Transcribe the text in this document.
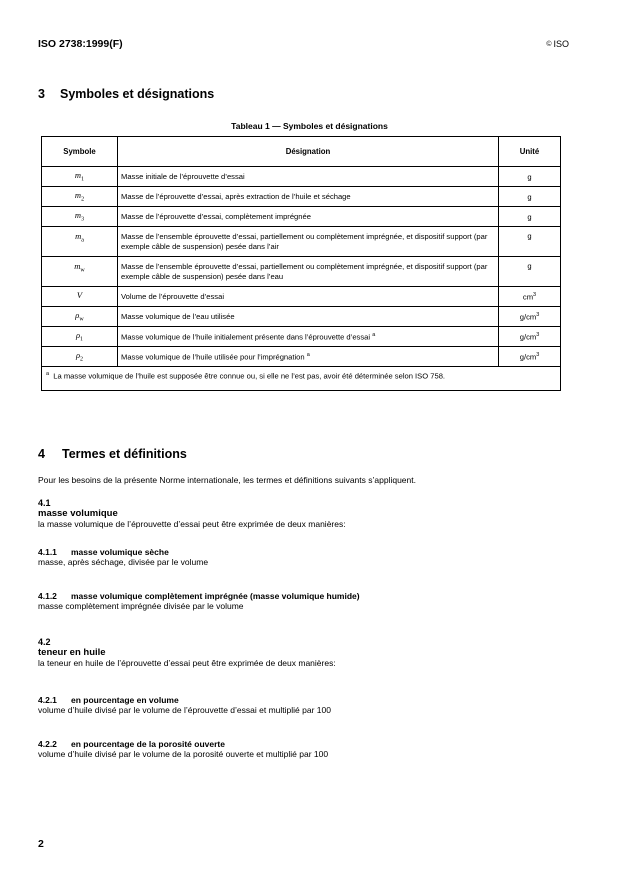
ISO 2738:1999(F)	© ISO
3 Symboles et désignations
Tableau 1 — Symboles et désignations
Symbole	Désignation	Unité
$m_1$	Masse initiale de l’éprouvette d’essai	g
$m_2$	Masse de l’éprouvette d’essai, après extraction de l’huile et séchage	g
$m_3$	Masse de l’éprouvette d’essai, complètement imprégnée	g
$m_a$	Masse de l’ensemble éprouvette d’essai, partiellement ou complètement imprégnée, et dispositif support (par exemple câble de suspension) pesée dans l’air	g
$m_w$	Masse de l’ensemble éprouvette d’essai, partiellement ou complètement imprégnée, et dispositif support (par exemple câble de suspension) pesée dans l’eau	g
V	Volume de l’éprouvette d’essai	$cm^3$
$\rho_w$	Masse volumique de l’eau utilisée	$g/cm^3$
$\rho_1$	Masse volumique de l’huile initialement présente dans l’éprouvette d’essai $^a$	$g/cm^3$
$\rho_2$	Masse volumique de l’huile utilisée pour l’imprégnation $^a$	$g/cm^3$
$^a$ La masse volumique de l’huile est supposée être connue ou, si elle ne l’est pas, avoir été déterminée selon ISO 758.		
4 Termes et définitions
Pour les besoins de la présente Norme internationale, les termes et définitions suivants s’appliquent.
4.1
masse volumique
la masse volumique de l’éprouvette d’essai peut être exprimée de deux manières:
4.1.1 masse volumique sèche
masse, après séchage, divisée par le volume
4.1.2 masse volumique complètement imprégnée (masse volumique humide)
masse complètement imprégnée divisée par le volume
4.2
teneur en huile
la teneur en huile de l’éprouvette d’essai peut être exprimée de deux manières:
4.2.1 en pourcentage en volume
volume d’huile divisé par le volume de l’éprouvette d’essai et multiplié par 100
4.2.2 en pourcentage de la porosité ouverte
volume d’huile divisé par le volume de la porosité ouverte et multiplié par 100
2
